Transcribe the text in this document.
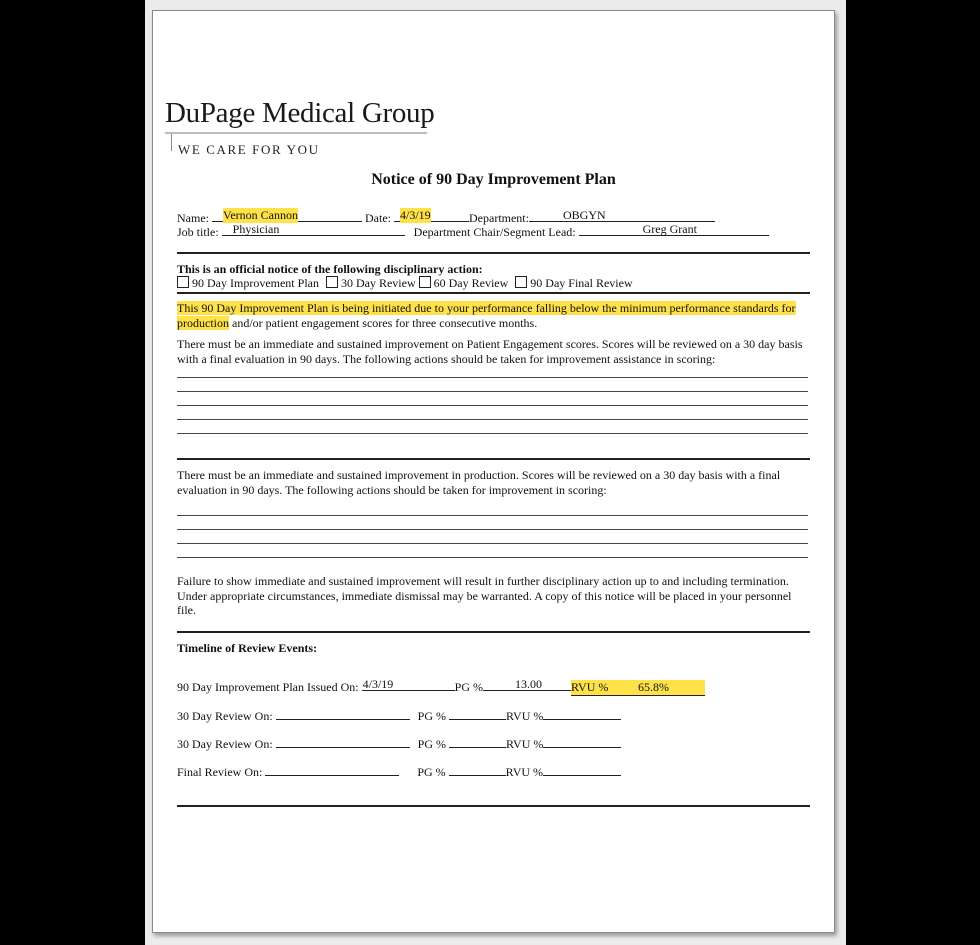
DuPage Medical Group
WE CARE FOR YOU
Notice of 90 Day Improvement Plan
Name: Vernon Cannon	Date: 4/3/19	Department:	OBGYN
Job title: Physician	Department Chair/Segment Lead:	Greg Grant
This is an official notice of the following disciplinary action:
90 Day Improvement Plan 30 Day Review 60 Day Review 90 Day Final Review
This 90 Day Improvement Plan is being initiated due to your performance falling below the minimum performance standards for production and/or patient engagement scores for three consecutive months.
There must be an immediate and sustained improvement on Patient Engagement scores. Scores will be reviewed on a 30 day basis with a final evaluation in 90 days. The following actions should be taken for improvement assistance in scoring:
There must be an immediate and sustained improvement in production. Scores will be reviewed on a 30 day basis with a final evaluation in 90 days. The following actions should be taken for improvement in scoring:
Failure to show immediate and sustained improvement will result in further disciplinary action up to and including termination. Under appropriate circumstances, immediate dismissal may be warranted. A copy of this notice will be placed in your personnel file.
Timeline of Review Events:
90 Day Improvement Plan Issued On: 4/3/19	PG %	13.00 RVU % 65.8%
30 Day Review On:	PG %	RVU %
30 Day Review On:	PG %	RVU %
Final Review On:	PG %	RVU %
